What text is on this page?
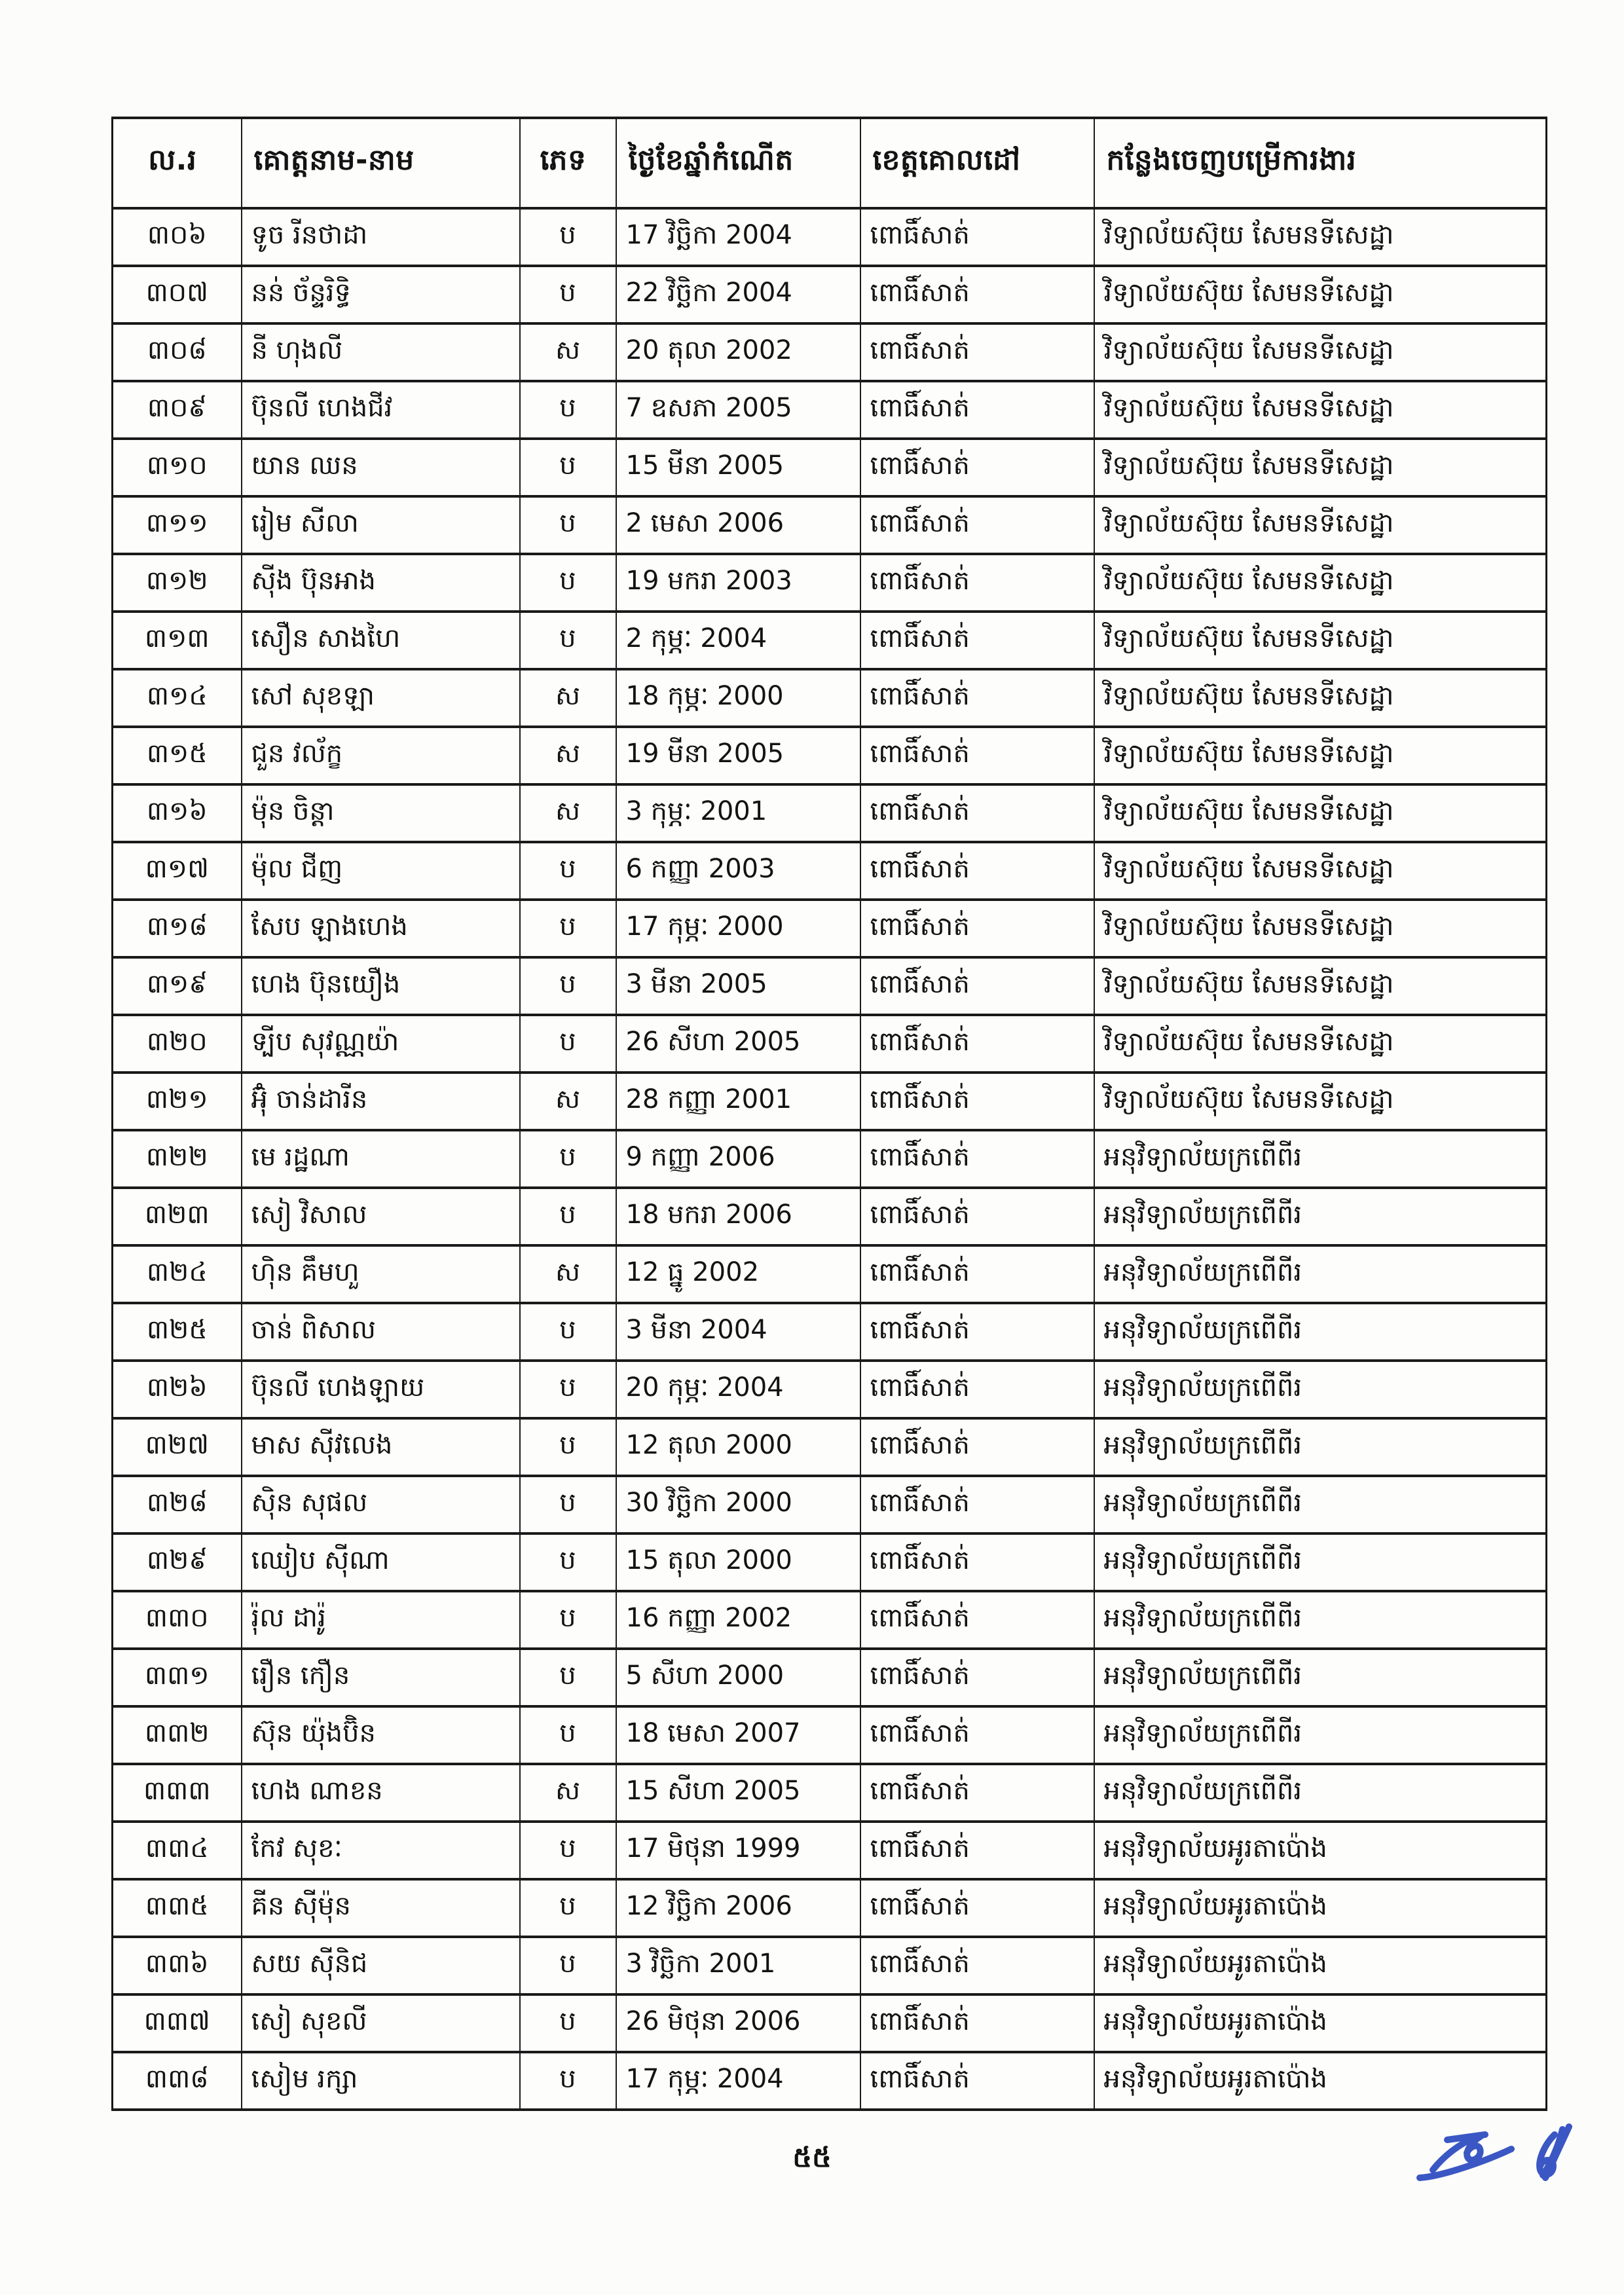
ល.រ	គោត្តនាម-នាម	ភេទ	ថ្ងៃខែឆ្នាំកំណើត	ខេត្តគោលដៅ	កន្លែងចេញបម្រើការងារ
៣០៦	ទូច រីនថាដា	ប	17 វិច្ឆិកា 2004	ពោធិ៍សាត់	វិទ្យាល័យស៊ុយ សែមនទីសេដ្ឋា
៣០៧	នន់ ច័ន្ទរិទ្ធិ	ប	22 វិច្ឆិកា 2004	ពោធិ៍សាត់	វិទ្យាល័យស៊ុយ សែមនទីសេដ្ឋា
៣០៨	នី ហុងលី	ស	20 តុលា 2002	ពោធិ៍សាត់	វិទ្យាល័យស៊ុយ សែមនទីសេដ្ឋា
៣០៩	ប៊ុនលី ហេងជីវ	ប	7 ឧសភា 2005	ពោធិ៍សាត់	វិទ្យាល័យស៊ុយ សែមនទីសេដ្ឋា
៣១០	យាន ឈន	ប	15 មីនា 2005	ពោធិ៍សាត់	វិទ្យាល័យស៊ុយ សែមនទីសេដ្ឋា
៣១១	រៀម សីលា	ប	2 មេសា 2006	ពោធិ៍សាត់	វិទ្យាល័យស៊ុយ សែមនទីសេដ្ឋា
៣១២	ស៊ីង ប៊ុនអាង	ប	19 មករា 2003	ពោធិ៍សាត់	វិទ្យាល័យស៊ុយ សែមនទីសេដ្ឋា
៣១៣	សឿន សាងហៃ	ប	2 កុម្ភៈ 2004	ពោធិ៍សាត់	វិទ្យាល័យស៊ុយ សែមនទីសេដ្ឋា
៣១៤	សៅ សុខឡា	ស	18 កុម្ភៈ 2000	ពោធិ៍សាត់	វិទ្យាល័យស៊ុយ សែមនទីសេដ្ឋា
៣១៥	ជួន វល័ក្ខ	ស	19 មីនា 2005	ពោធិ៍សាត់	វិទ្យាល័យស៊ុយ សែមនទីសេដ្ឋា
៣១៦	ម៉ុន ចិន្តា	ស	3 កុម្ភៈ 2001	ពោធិ៍សាត់	វិទ្យាល័យស៊ុយ សែមនទីសេដ្ឋា
៣១៧	ម៉ុល ជីញ	ប	6 កញ្ញា 2003	ពោធិ៍សាត់	វិទ្យាល័យស៊ុយ សែមនទីសេដ្ឋា
៣១៨	សែប ឡាងហេង	ប	17 កុម្ភៈ 2000	ពោធិ៍សាត់	វិទ្យាល័យស៊ុយ សែមនទីសេដ្ឋា
៣១៩	ហេង ប៊ុនយឿង	ប	3 មីនា 2005	ពោធិ៍សាត់	វិទ្យាល័យស៊ុយ សែមនទីសេដ្ឋា
៣២០	ទ្បីប សុវណ្ណយ៉ា	ប	26 សីហា 2005	ពោធិ៍សាត់	វិទ្យាល័យស៊ុយ សែមនទីសេដ្ឋា
៣២១	អ៊ុំ ចាន់ដារីន	ស	28 កញ្ញា 2001	ពោធិ៍សាត់	វិទ្យាល័យស៊ុយ សែមនទីសេដ្ឋា
៣២២	មេ រដ្ឋណា	ប	9 កញ្ញា 2006	ពោធិ៍សាត់	អនុវិទ្យាល័យក្រពើពីរ
៣២៣	សៀ វិសាល	ប	18 មករា 2006	ពោធិ៍សាត់	អនុវិទ្យាល័យក្រពើពីរ
៣២៤	ហ៊ិន គឹមហួ	ស	12 ធ្នូ 2002	ពោធិ៍សាត់	អនុវិទ្យាល័យក្រពើពីរ
៣២៥	ចាន់ ពិសាល	ប	3 មីនា 2004	ពោធិ៍សាត់	អនុវិទ្យាល័យក្រពើពីរ
៣២៦	ប៊ុនលី ហេងឡាយ	ប	20 កុម្ភៈ 2004	ពោធិ៍សាត់	អនុវិទ្យាល័យក្រពើពីរ
៣២៧	មាស ស៊ីវលេង	ប	12 តុលា 2000	ពោធិ៍សាត់	អនុវិទ្យាល័យក្រពើពីរ
៣២៨	ស៊ិន សុផល	ប	30 វិច្ឆិកា 2000	ពោធិ៍សាត់	អនុវិទ្យាល័យក្រពើពីរ
៣២៩	ឈៀប ស៊ីណា	ប	15 តុលា 2000	ពោធិ៍សាត់	អនុវិទ្យាល័យក្រពើពីរ
៣៣០	រ៉ុល ដារ៉ូ	ប	16 កញ្ញា 2002	ពោធិ៍សាត់	អនុវិទ្យាល័យក្រពើពីរ
៣៣១	រឿន កឿន	ប	5 សីហា 2000	ពោធិ៍សាត់	អនុវិទ្យាល័យក្រពើពីរ
៣៣២	ស៊ុន យ៉ុងប៊ិន	ប	18 មេសា 2007	ពោធិ៍សាត់	អនុវិទ្យាល័យក្រពើពីរ
៣៣៣	ហេង ណាខន	ស	15 សីហា 2005	ពោធិ៍សាត់	អនុវិទ្យាល័យក្រពើពីរ
៣៣៤	កែវ សុខៈ	ប	17 មិថុនា 1999	ពោធិ៍សាត់	អនុវិទ្យាល័យអូរតាប៉ោង
៣៣៥	គីន ស៊ីម៉ុន	ប	12 វិច្ឆិកា 2006	ពោធិ៍សាត់	អនុវិទ្យាល័យអូរតាប៉ោង
៣៣៦	សយ ស៊ីនិជ	ប	3 វិច្ឆិកា 2001	ពោធិ៍សាត់	អនុវិទ្យាល័យអូរតាប៉ោង
៣៣៧	សៀ សុខលី	ប	26 មិថុនា 2006	ពោធិ៍សាត់	អនុវិទ្យាល័យអូរតាប៉ោង
៣៣៨	សៀម រក្សា	ប	17 កុម្ភៈ 2004	ពោធិ៍សាត់	អនុវិទ្យាល័យអូរតាប៉ោង
៥៥
